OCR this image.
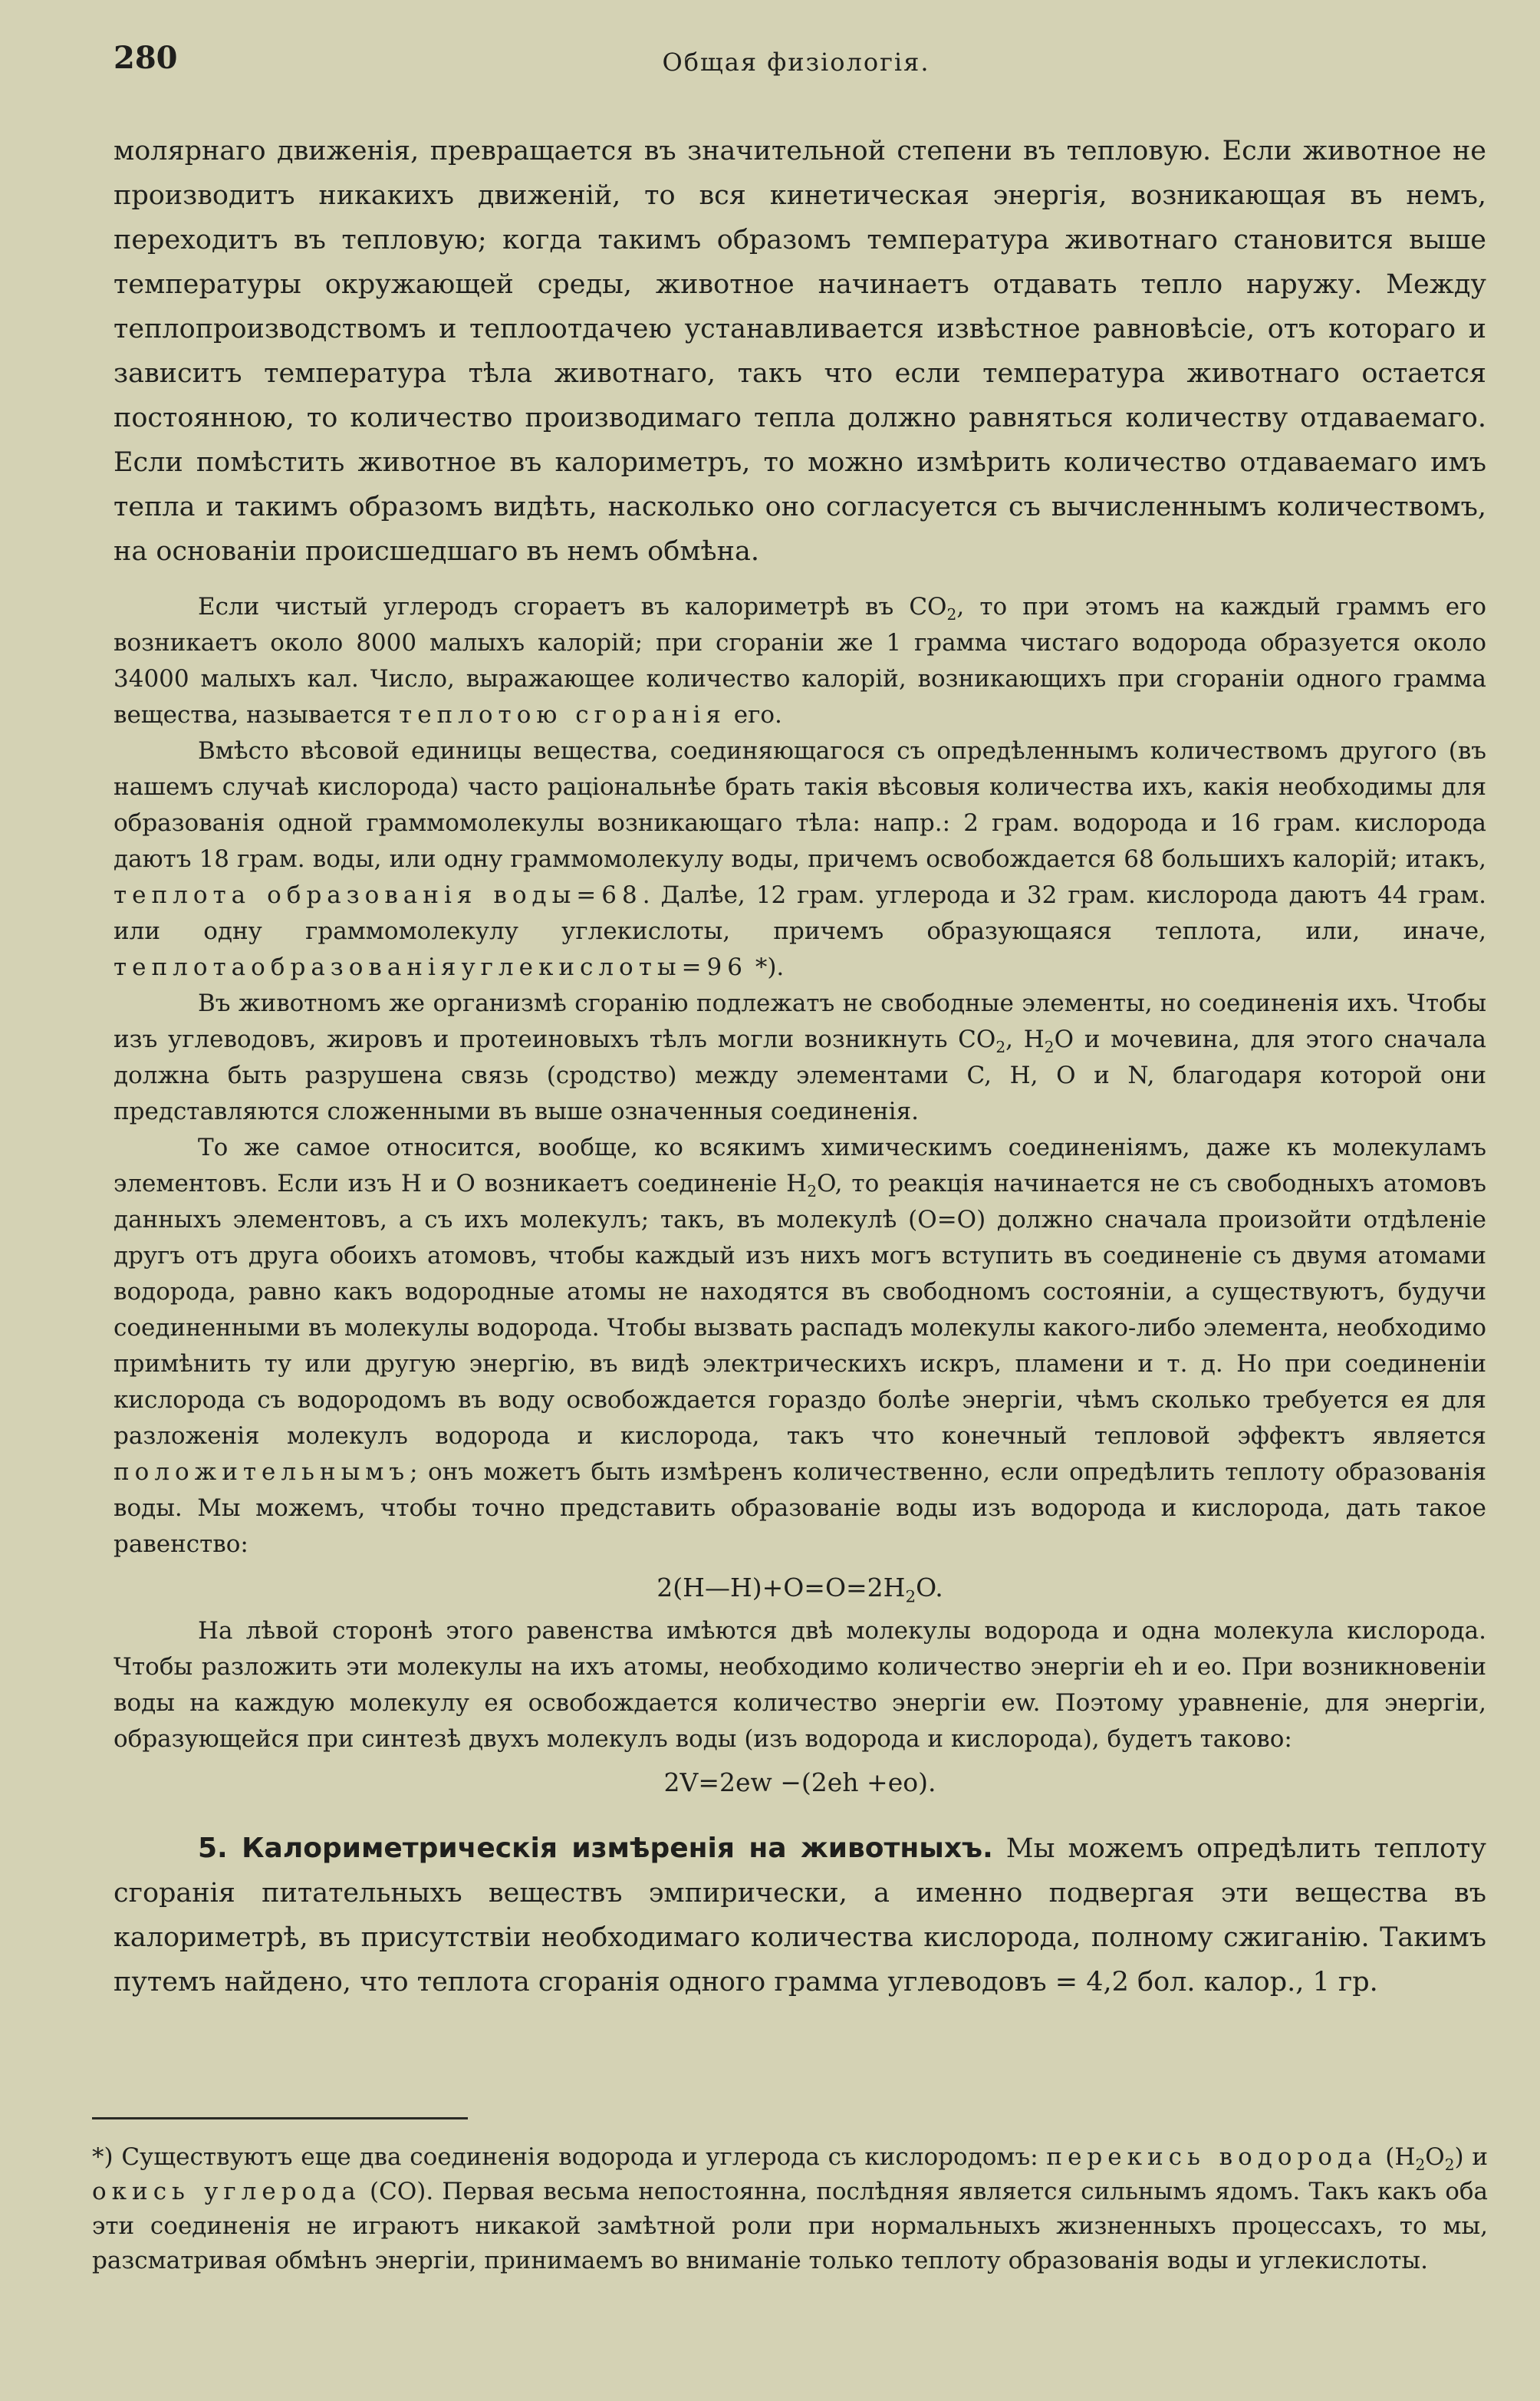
280	Общая физiологiя.

молярнаго движенiя, превращается въ значительной степени въ тепловую. Если животное не производитъ никакихъ движенiй, то вся кинетическая энергiя, возникающая въ немъ, переходитъ въ тепловую; когда такимъ образомъ температура животнаго становится выше температуры окружающей среды, животное начинаетъ отдавать тепло наружу. Между теплопроизводствомъ и теплоотдачею устанавливается извѣстное равновѣсiе, отъ котораго и зависитъ температура тѣла животнаго, такъ что если температура животнаго остается постоянною, то количество производимаго тепла должно равняться количеству отдаваемаго. Если помѣстить животное въ калориметръ, то можно измѣрить количество отдаваемаго имъ тепла и такимъ образомъ видѣть, насколько оно согласуется съ вычисленнымъ количествомъ, на основанiи происшедшаго въ немъ обмѣна.

Если чистый углеродъ сгораетъ въ калориметрѣ въ $CO_2$, то при этомъ на каждый граммъ его возникаетъ около 8000 малыхъ калорiй; при сгоранiи же 1 грамма чистаго водорода образуется около 34000 малыхъ кал. Число, выражающее количество калорiй, возникающихъ при сгоранiи одного грамма вещества, называется теплотою сгоранiя его.

Вмѣсто вѣсовой единицы вещества, соединяющагося съ опредѣленнымъ количествомъ другого (въ нашемъ случаѣ кислорода) часто рацiональнѣе брать такiя вѣсовыя количества ихъ, какiя необходимы для образованiя одной граммомолекулы возникающаго тѣла: напр.: 2 грам. водорода и 16 грам. кислорода даютъ 18 грам. воды, или одну граммомолекулу воды, причемъ освобождается 68 большихъ калорiй; итакъ, теплота образованiя воды=68. Далѣе, 12 грам. углерода и 32 грам. кислорода даютъ 44 грам. или одну граммомолекулу углекислоты, причемъ образующаяся теплота, или, иначе, теплотаобразованiяуглекислоты=96 *).

Въ животномъ же организмѣ сгоранiю подлежатъ не свободные элементы, но соединенiя ихъ. Чтобы изъ углеводовъ, жировъ и протеиновыхъ тѣлъ могли возникнуть $CO_2$, $H_2O$ и мочевина, для этого сначала должна быть разрушена связь (сродство) между элементами C, H, O и N, благодаря которой они представляются сложенными въ выше означенныя соединенiя.

То же самое относится, вообще, ко всякимъ химическимъ соединенiямъ, даже къ молекуламъ элементовъ. Если изъ H и O возникаетъ соединенiе $H_2O$, то реакцiя начинается не съ свободныхъ атомовъ данныхъ элементовъ, а съ ихъ молекулъ; такъ, въ молекулѣ (O=O) должно сначала произойти отдѣленiе другъ отъ друга обоихъ атомовъ, чтобы каждый изъ нихъ могъ вступить въ соединенiе съ двумя атомами водорода, равно какъ водородные атомы не находятся въ свободномъ состоянiи, а существуютъ, будучи соединенными въ молекулы водорода. Чтобы вызвать распадъ молекулы какого-либо элемента, необходимо примѣнить ту или другую энергiю, въ видѣ электрическихъ искръ, пламени и т. д. Но при соединенiи кислорода съ водородомъ въ воду освобождается гораздо болѣе энергiи, чѣмъ сколько требуется ея для разложенiя молекулъ водорода и кислорода, такъ что конечный тепловой эффектъ является положительнымъ; онъ можетъ быть измѣренъ количественно, если опредѣлить теплоту образованiя воды. Мы можемъ, чтобы точно представить образованiе воды изъ водорода и кислорода, дать такое равенство:

$2(H—H)+O=O=2H_2O$.

На лѣвой сторонѣ этого равенства имѣются двѣ молекулы водорода и одна молекула кислорода. Чтобы разложить эти молекулы на ихъ атомы, необходимо количество энергiи eh и eo. При возникновенiи воды на каждую молекулу ея освобождается количество энергiи ew. Поэтому уравненiе, для энергiи, образующейся при синтезѣ двухъ молекулъ воды (изъ водорода и кислорода), будетъ таково:

2V=2ew −(2eh +eo).

5. Калориметрическiя измѣренiя на животныхъ. Мы можемъ опредѣлить теплоту сгоранiя питательныхъ веществъ эмпирически, а именно подвергая эти вещества въ калориметрѣ, въ присутствiи необходимаго количества кислорода, полному сжиганiю. Такимъ путемъ найдено, что теплота сгоранiя одного грамма углеводовъ = 4,2 бол. калор., 1 гр.

*) Существуютъ еще два соединенiя водорода и углерода съ кислородомъ: перекись водорода $(H_2O_2)$ и окись углерода (CO). Первая весьма непостоянна, послѣдняя является сильнымъ ядомъ. Такъ какъ оба эти соединенiя не играютъ никакой замѣтной роли при нормальныхъ жизненныхъ процессахъ, то мы, разсматривая обмѣнъ энергiи, принимаемъ во вниманiе только теплоту образованiя воды и углекислоты.
